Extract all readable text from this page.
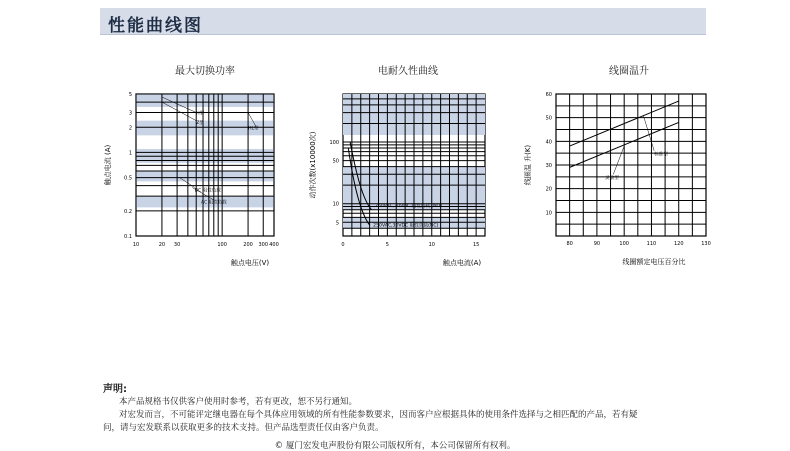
性能曲线图
最大切换功率
10	20 30	100	200 300 400
0.1
0.2
0.5
1
2
3
5
H型
Z型
HL型
DC 阻性负载
AC 阻性负载
触点电流 (A)
触点电压(V)
电耐久性曲线
0	5	10	15
5
10
50
100
250VAC,30VDC 阻性负载 (NO)
250VAC,30VDC 阻性负载(NC)
动作次数(x10000次)
触点电流(A)
线圈温升
80	90	100	110	120	130
10
20
30
40
50
60
标准型
灵敏型
线圈温 升(K)
线圈额定电压百分比
声明:
本产品规格书仅供客户使用时参考，若有更改，恕不另行通知。
对宏发而言，不可能评定继电器在每个具体应用领域的所有性能参数要求，因而客户应根据具体的使用条件选择与之相匹配的产品，若有疑
问，请与宏发联系以获取更多的技术支持。但产品选型责任仅由客户负责。
© 厦门宏发电声股份有限公司版权所有，本公司保留所有权利。
